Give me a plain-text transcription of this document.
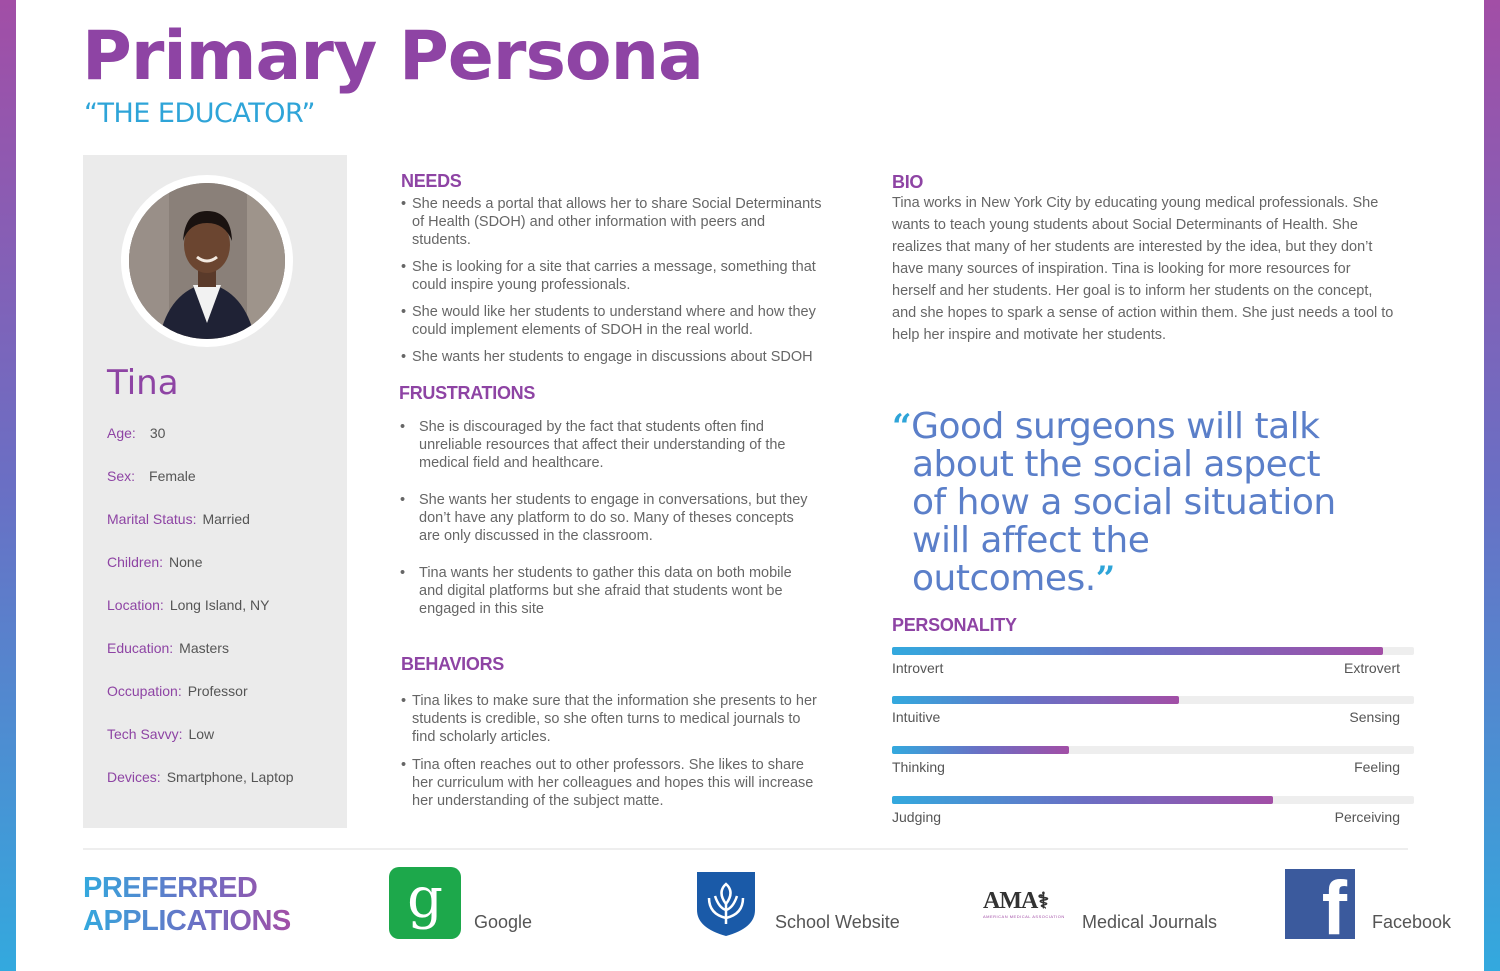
Primary Persona
“THE EDUCATOR”
Tina
Age: 30
Sex: Female
Marital Status: Married
Children: None
Location: Long Island, NY
Education: Masters
Occupation: Professor
Tech Savvy: Low
Devices: Smartphone, Laptop
NEEDS
• She needs a portal that allows her to share Social Determinants of Health (SDOH) and other information with peers and students.
• She is looking for a site that carries a message, something that could inspire young professionals.
• She would like her students to understand where and how they could implement elements of SDOH in the real world.
• She wants her students to engage in discussions about SDOH
FRUSTRATIONS
• She is discouraged by the fact that students often find unreliable resources that affect their understanding of the medical field and healthcare.
• She wants her students to engage in conversations, but they don’t have any platform to do so. Many of theses concepts are only discussed in the classroom.
• Tina wants her students to gather this data on both mobile and digital platforms but she afraid that students wont be engaged in this site
BEHAVIORS
• Tina likes to make sure that the information she presents to her students is credible, so she often turns to medical journals to find scholarly articles.
• Tina often reaches out to other professors. She likes to share her curriculum with her colleagues and hopes this will increase her understanding of the subject matte.
BIO

Tina works in New York City by educating young medical professionals. She wants to teach young students about Social Determinants of Health. She realizes that many of her students are interested by the idea, but they don’t have many sources of inspiration. Tina is looking for more resources for herself and her students. Her goal is to inform her students on the concept, and she hopes to spark a sense of action within them. She just needs a tool to help her inspire and motivate her students.

“Good surgeons will talk about the social aspect of how a social situation will affect the outcomes.”
PERSONALITY
Introvert	Extrovert
Intuitive	Sensing
Thinking	Feeling
Judging	Perceiving
PREFERRED
APPLICATIONS g Google	School Website
AMA⚕
AMERICAN MEDICAL ASSOCIATION Medical Journals f Facebook
